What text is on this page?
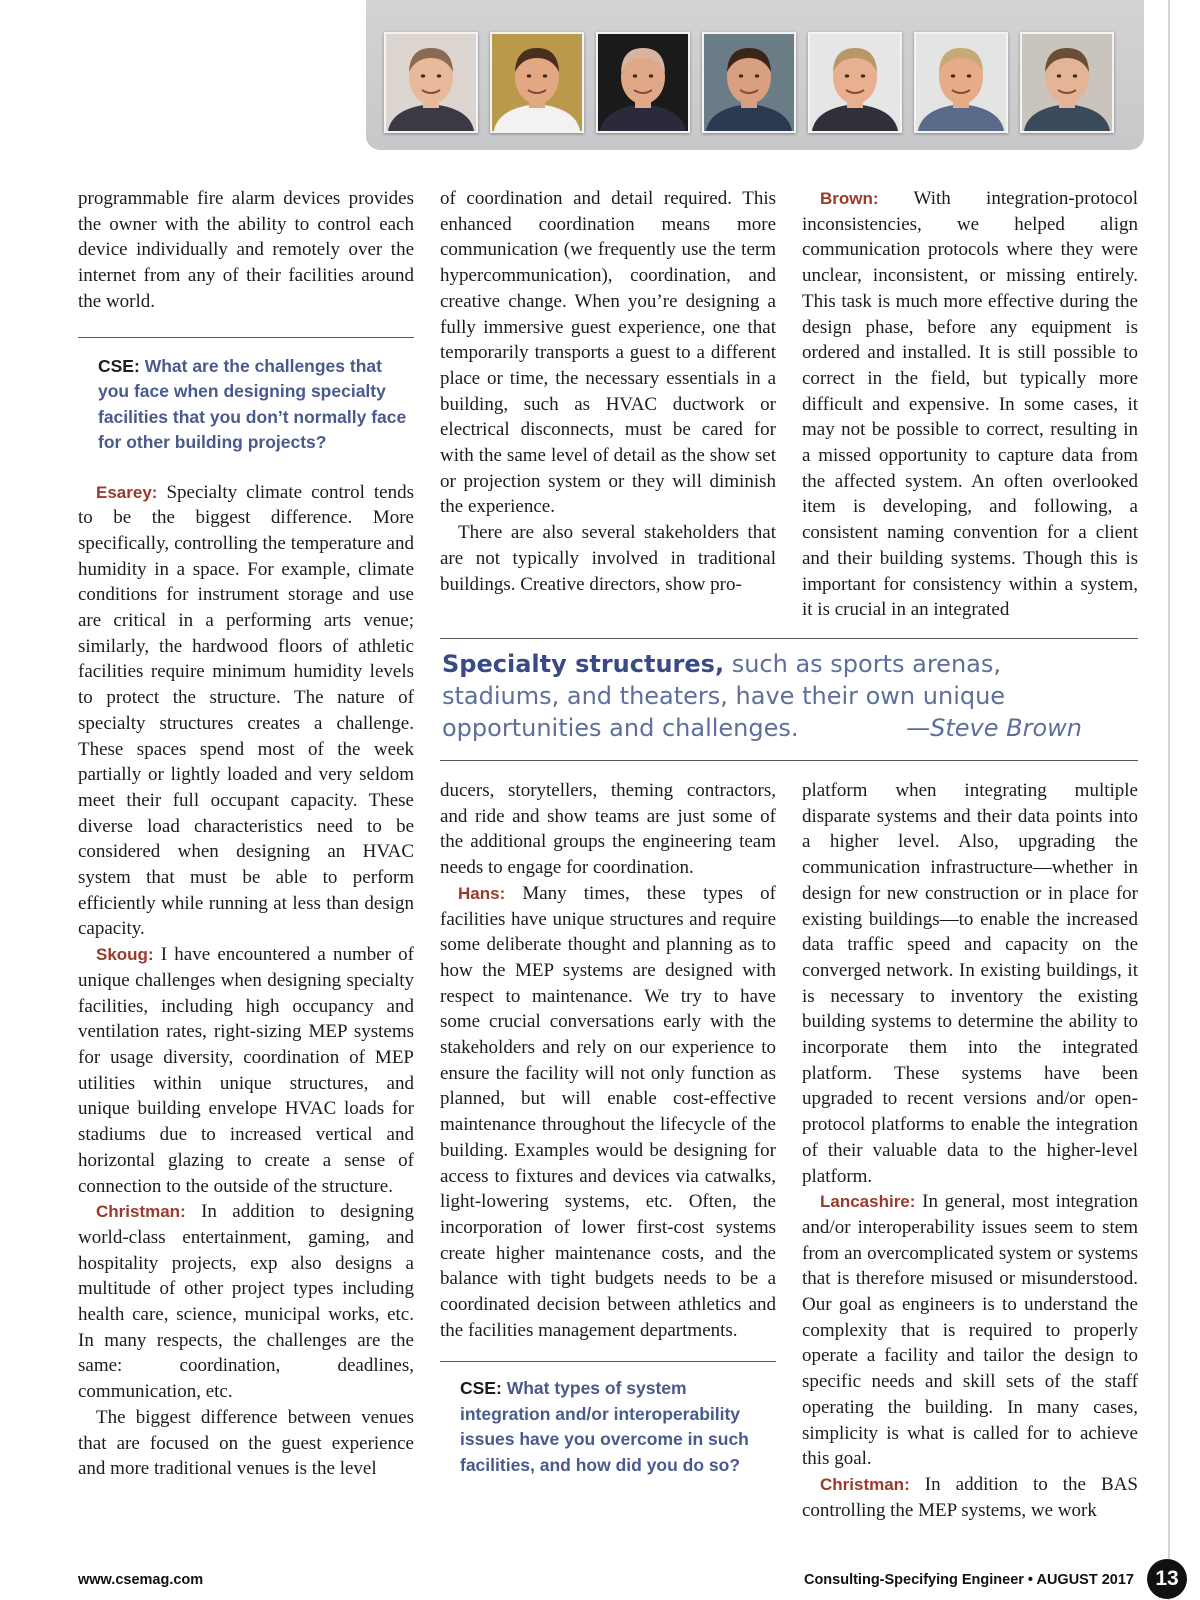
programmable fire alarm devices provides the owner with the ability to control each device individually and remotely over the internet from any of their facilities around the world.

CSE: What are the challenges that you face when designing specialty facilities that you don’t normally face for other building projects?

Esarey: Specialty climate control tends to be the biggest difference. More specifically, controlling the temperature and humidity in a space. For example, climate conditions for instrument storage and use are critical in a performing arts venue; similarly, the hardwood floors of athletic facilities require minimum humidity levels to protect the structure. The nature of specialty structures creates a challenge. These spaces spend most of the week partially or lightly loaded and very seldom meet their full occupant capacity. These diverse load characteristics need to be considered when designing an HVAC system that must be able to perform efficiently while running at less than design capacity.

Skoug: I have encountered a number of unique challenges when designing specialty facilities, including high occupancy and ventilation rates, right-sizing MEP systems for usage diversity, coordination of MEP utilities within unique structures, and unique building envelope HVAC loads for stadiums due to increased vertical and horizontal glazing to create a sense of connection to the outside of the structure.

Christman: In addition to designing world-class entertainment, gaming, and hospitality projects, exp also designs a multitude of other project types including health care, science, municipal works, etc. In many respects, the challenges are the same: coordination, deadlines, communication, etc.

The biggest difference between venues that are focused on the guest experience and more traditional venues is the level

of coordination and detail required. This enhanced coordination means more communication (we frequently use the term hypercommunication), coordination, and creative change. When you’re designing a fully immersive guest experience, one that temporarily transports a guest to a different place or time, the necessary essentials in a building, such as HVAC ductwork or electrical disconnects, must be cared for with the same level of detail as the show set or projection system or they will diminish the experience.

There are also several stakeholders that are not typically involved in traditional buildings. Creative directors, show pro-

Brown: With integration-protocol inconsistencies, we helped align communication protocols where they were unclear, inconsistent, or missing entirely. This task is much more effective during the design phase, before any equipment is ordered and installed. It is still possible to correct in the field, but typically more difficult and expensive. In some cases, it may not be possible to correct, resulting in a missed opportunity to capture data from the affected system. An often overlooked item is developing, and following, a consistent naming convention for a client and their building systems. Though this is important for consistency within a system, it is crucial in an integrated

Specialty structures, such as sports arenas, stadiums, and theaters, have their own unique opportunities and challenges.	—Steve Brown

ducers, storytellers, theming contractors, and ride and show teams are just some of the additional groups the engineering team needs to engage for coordination.

Hans: Many times, these types of facilities have unique structures and require some deliberate thought and planning as to how the MEP systems are designed with respect to maintenance. We try to have some crucial conversations early with the stakeholders and rely on our experience to ensure the facility will not only function as planned, but will enable cost-effective maintenance throughout the lifecycle of the building. Examples would be designing for access to fixtures and devices via catwalks, light-lowering systems, etc. Often, the incorporation of lower first-cost systems create higher maintenance costs, and the balance with tight budgets needs to be a coordinated decision between athletics and the facilities management departments.

CSE: What types of system integration and/or interoperability issues have you overcome in such facilities, and how did you do so?

platform when integrating multiple disparate systems and their data points into a higher level. Also, upgrading the communication infrastructure—whether in design for new construction or in place for existing buildings—to enable the increased data traffic speed and capacity on the converged network. In existing buildings, it is necessary to inventory the existing building systems to determine the ability to incorporate them into the integrated platform. These systems have been upgraded to recent versions and/or open-protocol platforms to enable the integration of their valuable data to the higher-level platform.

Lancashire: In general, most integration and/or interoperability issues seem to stem from an overcomplicated system or systems that is therefore misused or misunderstood. Our goal as engineers is to understand the complexity that is required to properly operate a facility and tailor the design to specific needs and skill sets of the staff operating the building. In many cases, simplicity is what is called for to achieve this goal.

Christman: In addition to the BAS controlling the MEP systems, we work

www.csemag.com	Consulting-Specifying Engineer • AUGUST 2017	13
